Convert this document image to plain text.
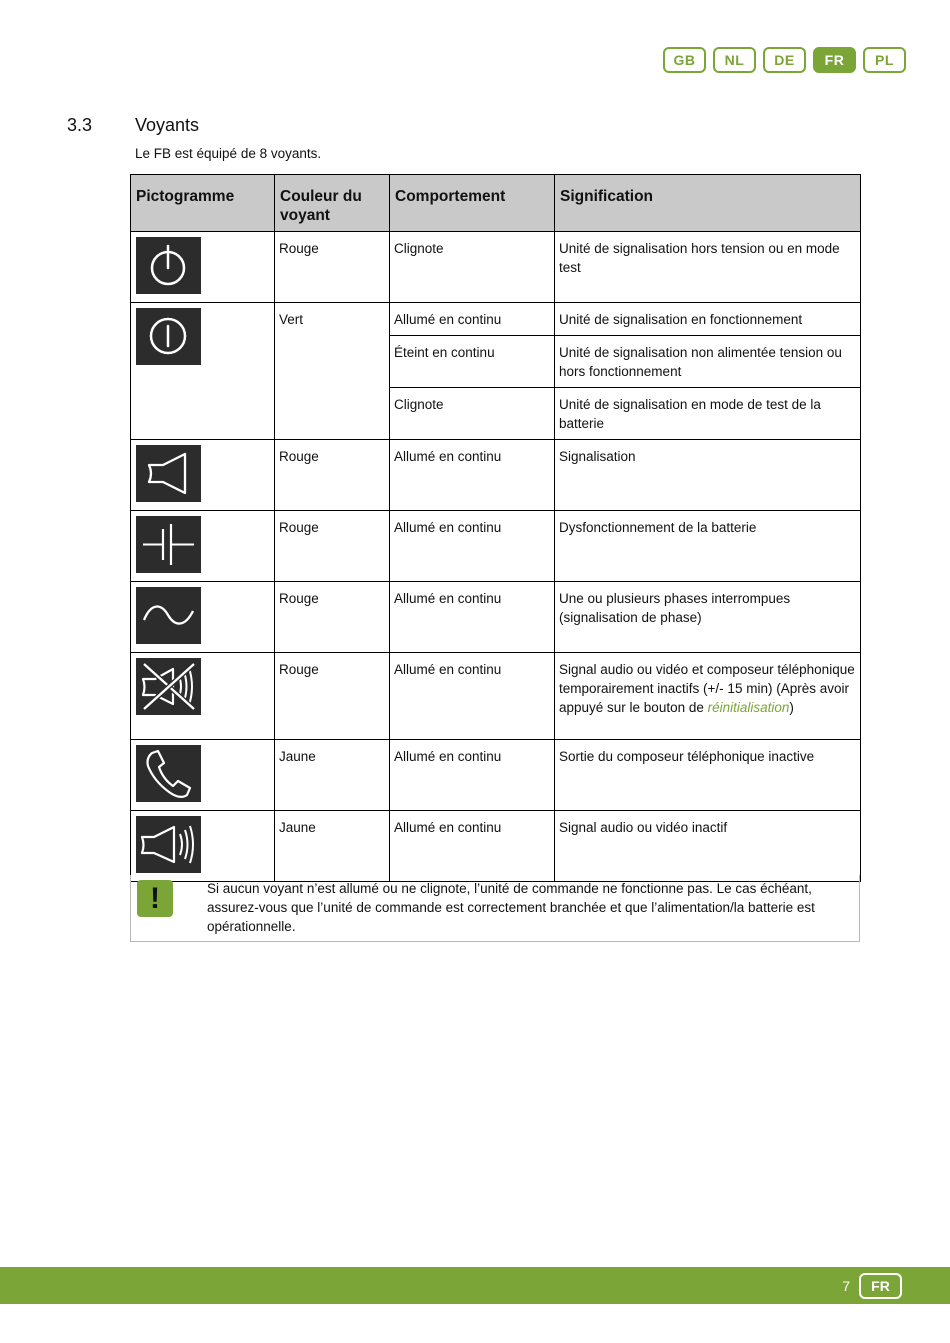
GB	NL	DE	FR	PL
3.3 Voyants
Le FB est équipé de 8 voyants.
Pictogramme	Couleur du voyant	Comportement	Signification

	Rouge	Clignote	Unité de signalisation hors tension ou en mode test

	Vert	Allumé en continu	Unité de signalisation en fonctionnement
		Éteint en continu	Unité de signalisation non alimentée tension ou hors fonctionnement
		Clignote	Unité de signalisation en mode de test de la batterie

	Rouge	Allumé en continu	Signalisation

	Rouge	Allumé en continu	Dysfonctionnement de la batterie

	Rouge	Allumé en continu	Une ou plusieurs phases interrompues (signalisation de phase)

	Rouge	Allumé en continu	Signal audio ou vidéo et composeur téléphonique temporairement inactifs (+/- 15 min) (Après avoir appuyé sur le bouton de réinitialisation)

	Jaune	Allumé en continu	Sortie du composeur téléphonique inactive

	Jaune	Allumé en continu	Signal audio ou vidéo inactif
!	Si aucun voyant n’est allumé ou ne clignote, l’unité de commande ne fonctionne pas. Le cas échéant, assurez-vous que l’unité de commande est correctement branchée et que l’alimentation/la batterie est opérationnelle.
7	FR
